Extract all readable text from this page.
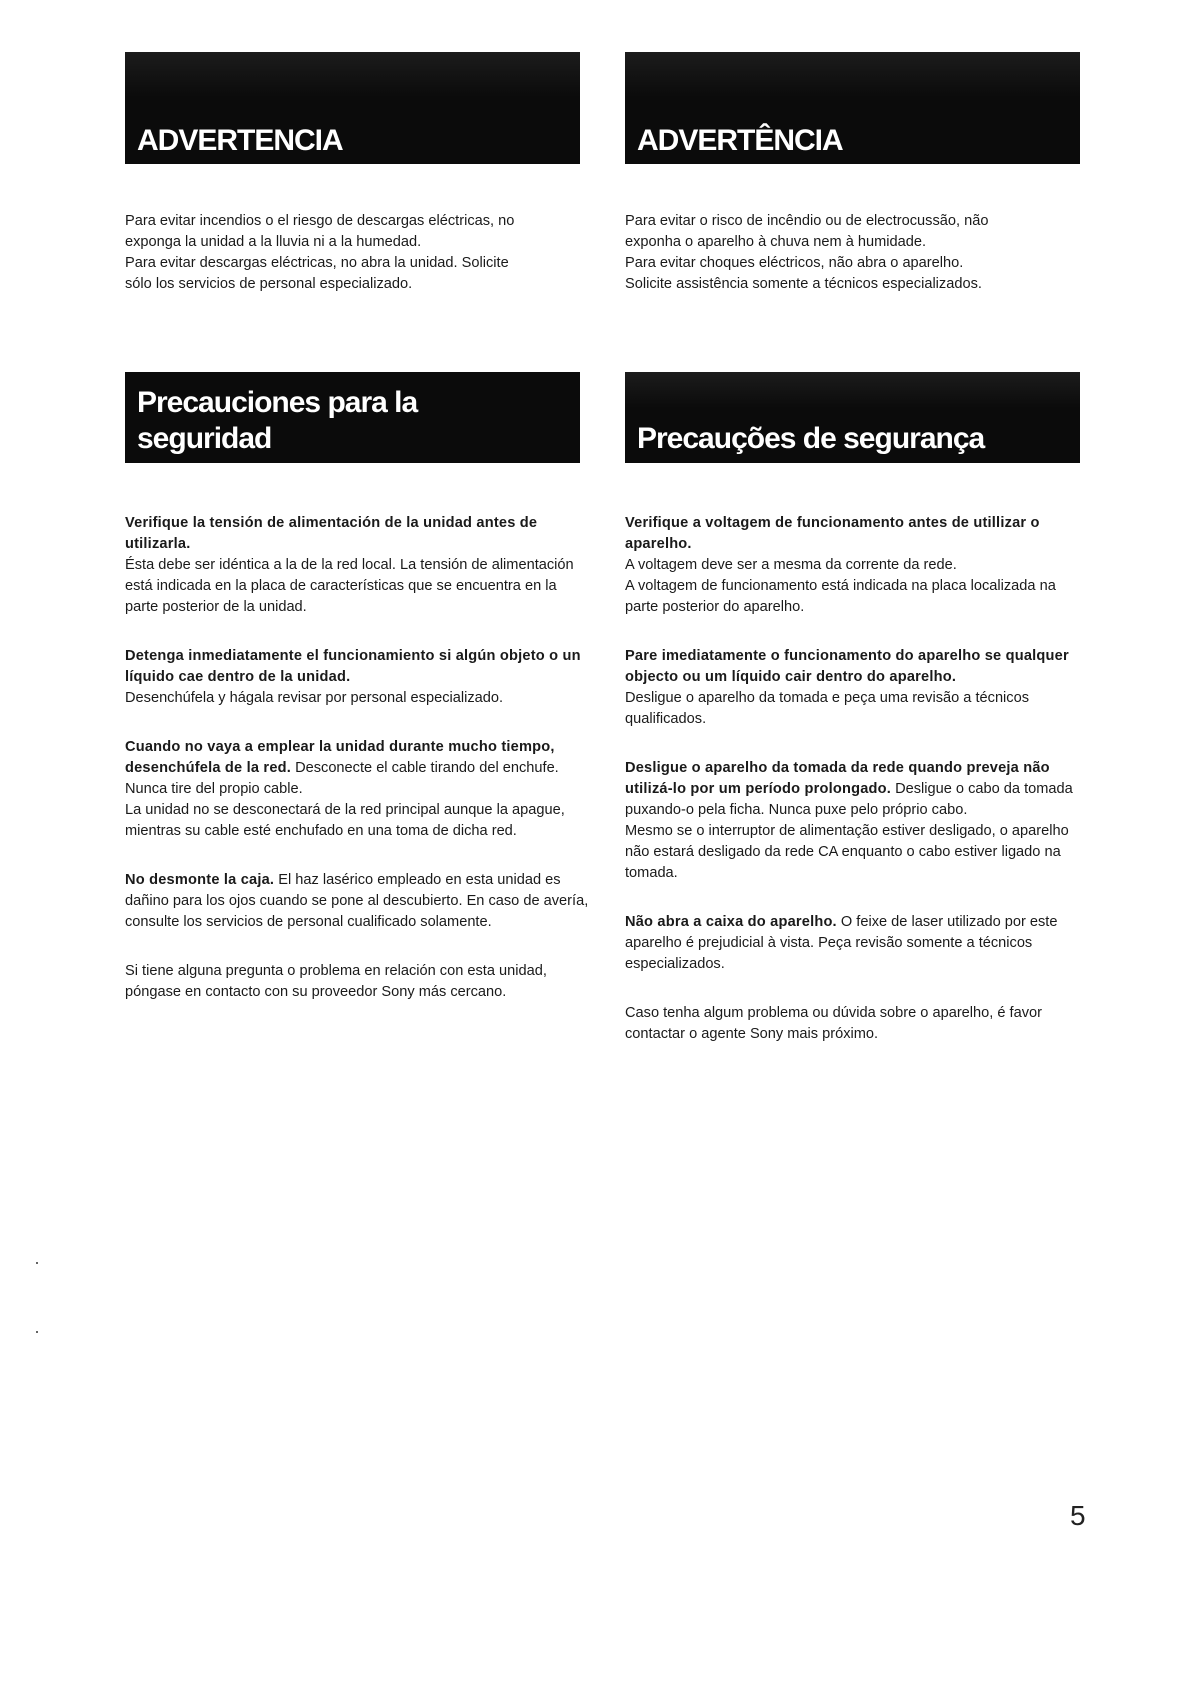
ADVERTENCIA

Para evitar incendios o el riesgo de descargas eléctricas, no

exponga la unidad a la lluvia ni a la humedad.

Para evitar descargas eléctricas, no abra la unidad. Solicite

sólo los servicios de personal especializado.

Precauciones para la
seguridad

Verifique la tensión de alimentación de la unidad antes de utilizarla.

Ésta debe ser idéntica a la de la red local. La tensión de alimentación está indicada en la placa de características que se encuentra en la parte posterior de la unidad.

Detenga inmediatamente el funcionamiento si algún objeto o un líquido cae dentro de la unidad.

Desenchúfela y hágala revisar por personal especializado.

Cuando no vaya a emplear la unidad durante mucho tiempo, desenchúfela de la red. Desconecte el cable tirando del enchufe. Nunca tire del propio cable.

La unidad no se desconectará de la red principal aunque la apague, mientras su cable esté enchufado en una toma de dicha red.

No desmonte la caja. El haz lasérico empleado en esta unidad es dañino para los ojos cuando se pone al descubierto. En caso de avería, consulte los servicios de personal cualificado solamente.

Si tiene alguna pregunta o problema en relación con esta unidad, póngase en contacto con su proveedor Sony más cercano.

ADVERTÊNCIA

Para evitar o risco de incêndio ou de electrocussão, não

exponha o aparelho à chuva nem à humidade.

Para evitar choques eléctricos, não abra o aparelho.

Solicite assistência somente a técnicos especializados.

Precauções de segurança

Verifique a voltagem de funcionamento antes de utillizar o aparelho.

A voltagem deve ser a mesma da corrente da rede.

A voltagem de funcionamento está indicada na placa localizada na parte posterior do aparelho.

Pare imediatamente o funcionamento do aparelho se qualquer objecto ou um líquido cair dentro do aparelho.

Desligue o aparelho da tomada e peça uma revisão a técnicos qualificados.

Desligue o aparelho da tomada da rede quando preveja não utilizá-lo por um período prolongado. Desligue o cabo da tomada puxando-o pela ficha. Nunca puxe pelo próprio cabo.

Mesmo se o interruptor de alimentação estiver desligado, o aparelho não estará desligado da rede CA enquanto o cabo estiver ligado na tomada.

Não abra a caixa do aparelho. O feixe de laser utilizado por este aparelho é prejudicial à vista. Peça revisão somente a técnicos especializados.

Caso tenha algum problema ou dúvida sobre o aparelho, é favor contactar o agente Sony mais próximo.

5
